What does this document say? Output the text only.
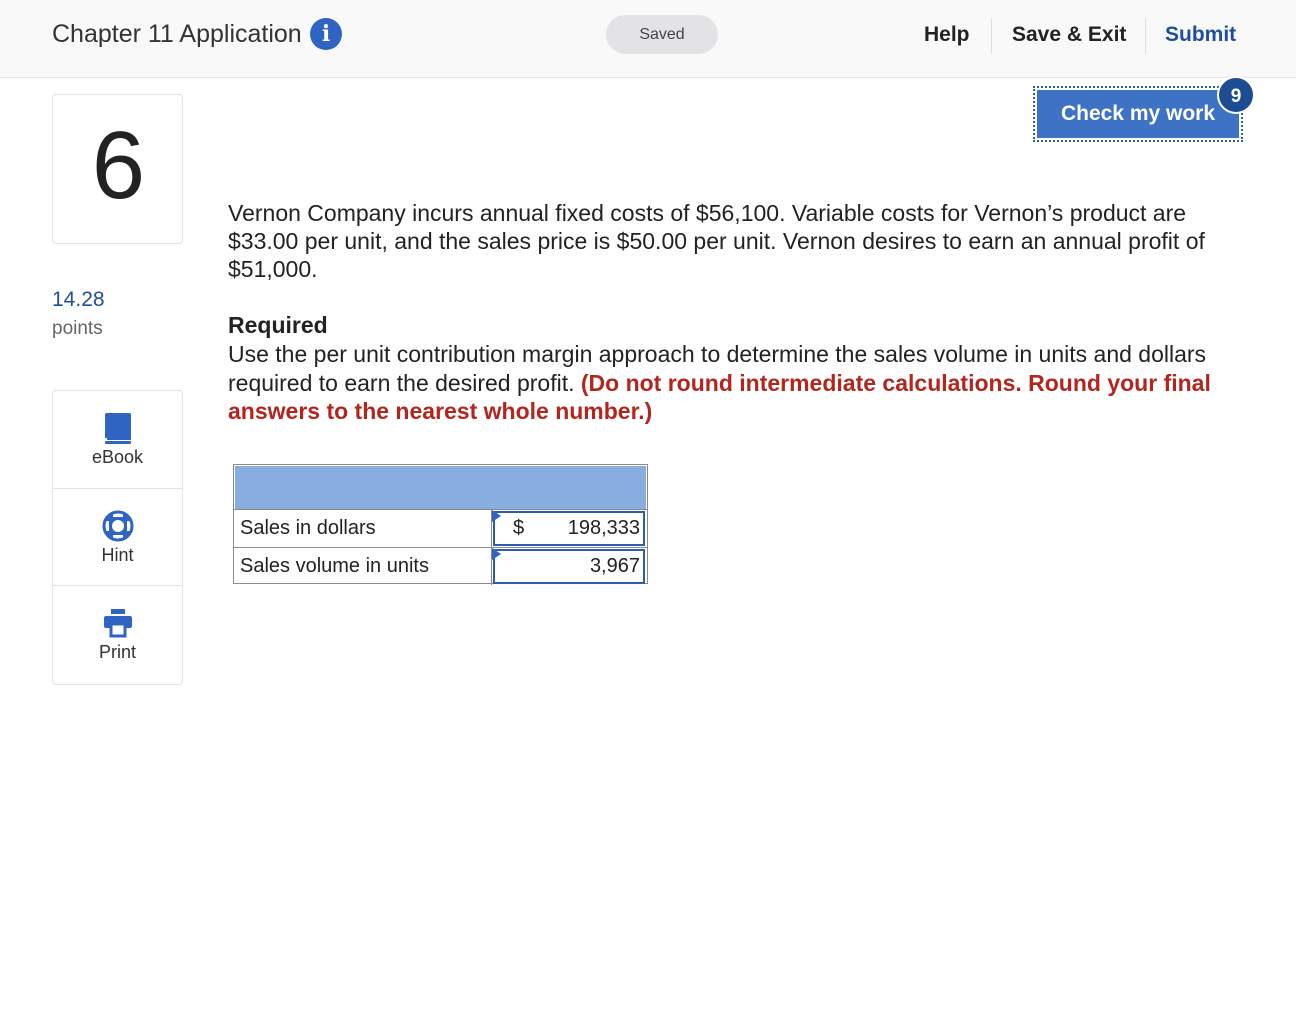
Chapter 11 Application i	Saved	Help Save & Exit Submit
Check my work
9
6
14.28
points
eBook
Hint
Print
Vernon Company incurs annual fixed costs of $56,100. Variable costs for Vernon’s product are $33.00 per unit, and the sales price is $50.00 per unit. Vernon desires to earn an annual profit of $51,000.
Required
Use the per unit contribution margin approach to determine the sales volume in units and dollars required to earn the desired profit. (Do not round intermediate calculations. Round your final answers to the nearest whole number.)
Sales in dollars	$ 198,333
Sales volume in units	3,967
